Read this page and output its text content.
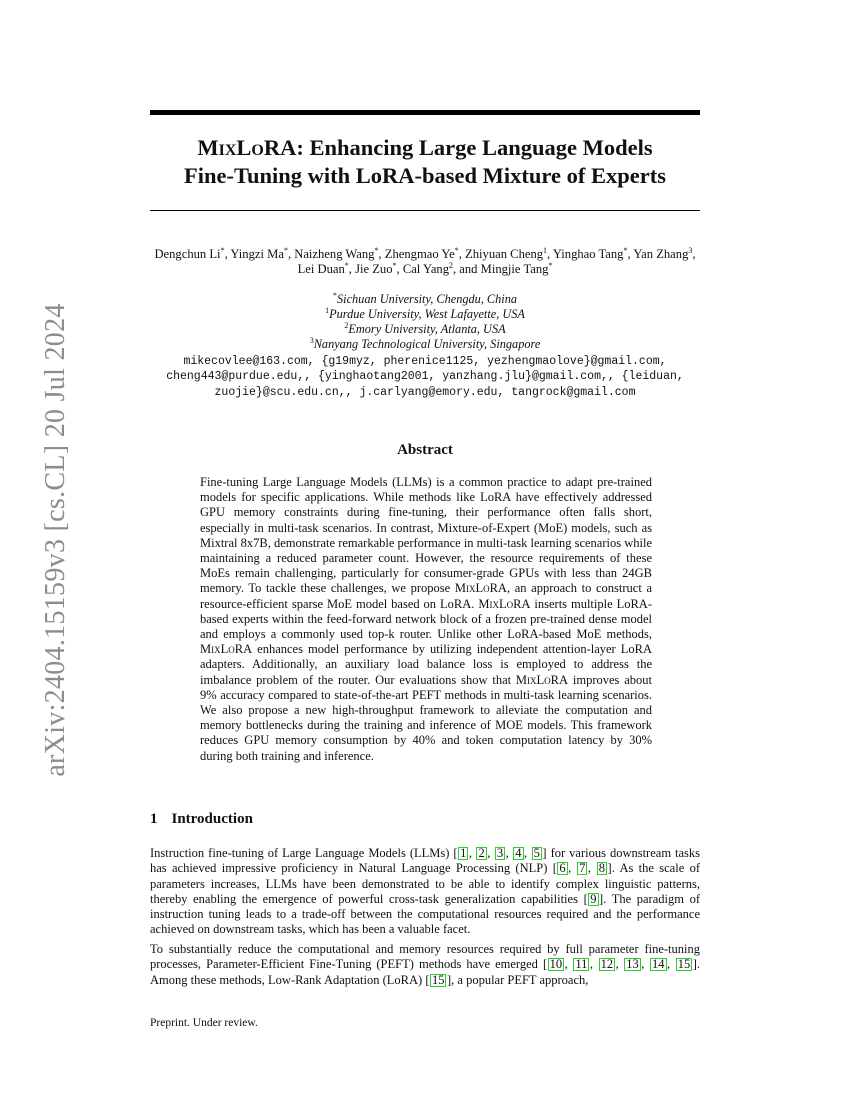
arXiv:2404.15159v3 [cs.CL] 20 Jul 2024
MixLoRA: Enhancing Large Language Models
Fine-Tuning with LoRA-based Mixture of Experts
Dengchun Li*, Yingzi Ma*, Naizheng Wang*, Zhengmao Ye*, Zhiyuan Cheng$^1$, Yinghao Tang*, Yan Zhang$^3$, Lei Duan*, Jie Zuo*, Cal Yang$^2$, and Mingjie Tang*
*Sichuan University, Chengdu, China
$^1$Purdue University, West Lafayette, USA
$^2$Emory University, Atlanta, USA
$^3$Nanyang Technological University, Singapore
mikecovlee@163.com, {g19myz, pherenice1125, yezhengmaolove}@gmail.com,
cheng443@purdue.edu,, {yinghaotang2001, yanzhang.jlu}@gmail.com,, {leiduan,
zuojie}@scu.edu.cn,, j.carlyang@emory.edu, tangrock@gmail.com
Abstract

Fine-tuning Large Language Models (LLMs) is a common practice to adapt pre-trained models for specific applications. While methods like LoRA have effectively addressed GPU memory constraints during fine-tuning, their performance often falls short, especially in multi-task scenarios. In contrast, Mixture-of-Expert (MoE) models, such as Mixtral 8x7B, demonstrate remarkable performance in multi-task learning scenarios while maintaining a reduced parameter count. However, the resource requirements of these MoEs remain challenging, particularly for consumer-grade GPUs with less than 24GB memory. To tackle these challenges, we propose MixLoRA, an approach to construct a resource-efficient sparse MoE model based on LoRA. MixLoRA inserts multiple LoRA-based experts within the feed-forward network block of a frozen pre-trained dense model and employs a commonly used top-k router. Unlike other LoRA-based MoE methods, MixLoRA enhances model performance by utilizing independent attention-layer LoRA adapters. Additionally, an auxiliary load balance loss is employed to address the imbalance problem of the router. Our evaluations show that MixLoRA improves about 9% accuracy compared to state-of-the-art PEFT methods in multi-task learning scenarios. We also propose a new high-throughput framework to alleviate the computation and memory bottlenecks during the training and inference of MOE models. This framework reduces GPU memory consumption by 40% and token computation latency by 30% during both training and inference.

1 Introduction

Instruction fine-tuning of Large Language Models (LLMs) [ 1 , 2 , 3 , 4 , 5 ] for various downstream tasks has achieved impressive proficiency in Natural Language Processing (NLP) [ 6 , 7 , 8 ]. As the scale of parameters increases, LLMs have been demonstrated to be able to identify complex linguistic patterns, thereby enabling the emergence of powerful cross-task generalization capabilities [ 9 ]. The paradigm of instruction tuning leads to a trade-off between the computational resources required and the performance achieved on downstream tasks, which has been a valuable facet.

To substantially reduce the computational and memory resources required by full parameter fine-tuning processes, Parameter-Efficient Fine-Tuning (PEFT) methods have emerged [ 10 , 11 , 12 , 13 , 14 , 15 ]. Among these methods, Low-Rank Adaptation (LoRA) [ 15 ], a popular PEFT approach,

Preprint. Under review.
